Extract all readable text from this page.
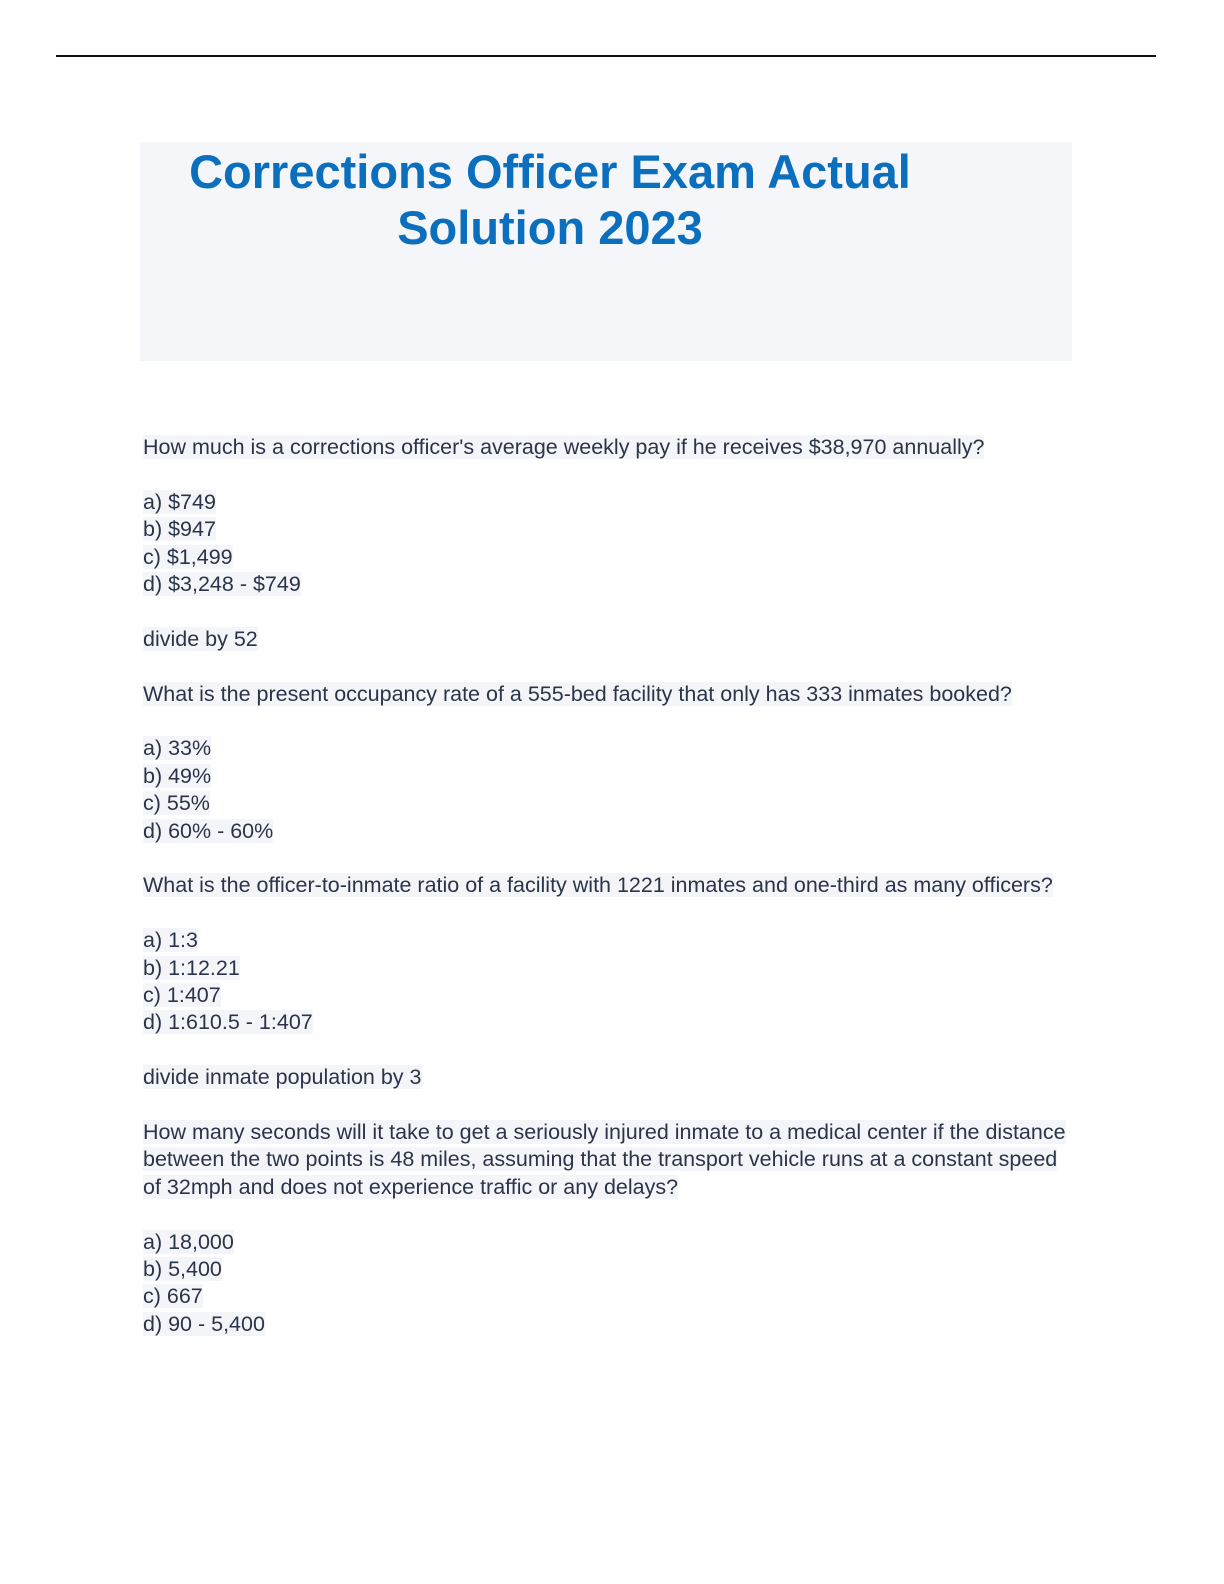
Corrections Officer Exam Actual Solution 2023
How much is a corrections officer's average weekly pay if he receives $38,970 annually?
a) $749
b) $947
c) $1,499
d) $3,248 - $749
divide by 52
What is the present occupancy rate of a 555-bed facility that only has 333 inmates booked?
a) 33%
b) 49%
c) 55%
d) 60% - 60%
What is the officer-to-inmate ratio of a facility with 1221 inmates and one-third as many officers?
a) 1:3
b) 1:12.21
c) 1:407
d) 1:610.5 - 1:407
divide inmate population by 3
How many seconds will it take to get a seriously injured inmate to a medical center if the distance between the two points is 48 miles, assuming that the transport vehicle runs at a constant speed of 32mph and does not experience traffic or any delays?
a) 18,000
b) 5,400
c) 667
d) 90 - 5,400
